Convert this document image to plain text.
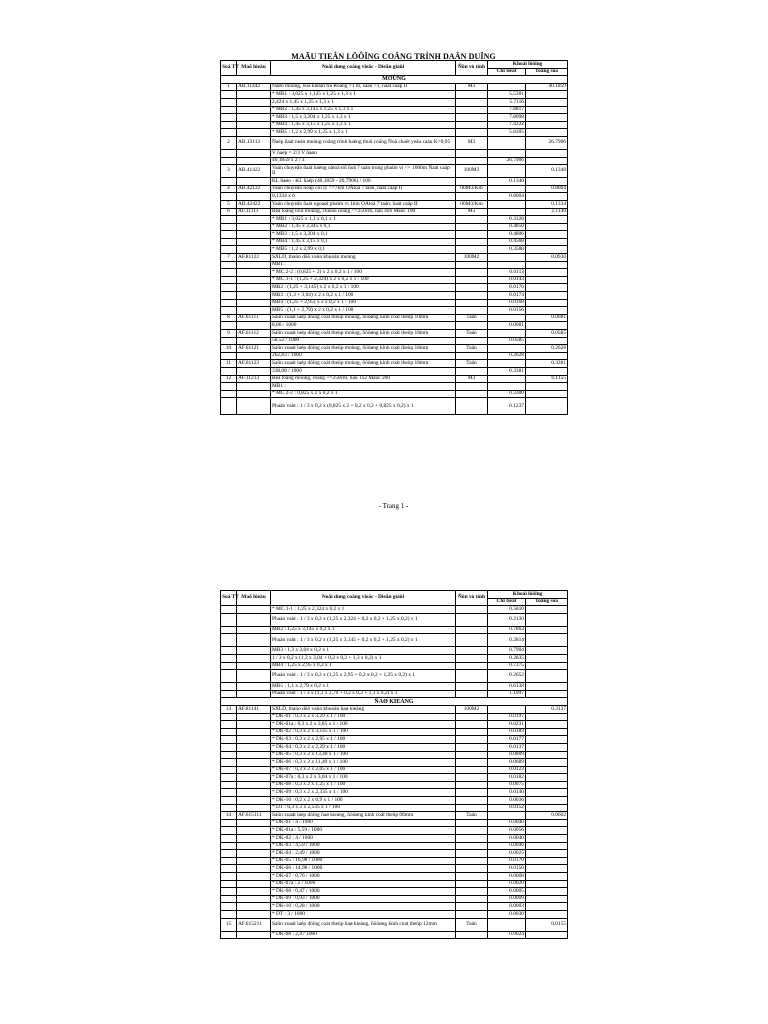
MAÃU TIEÂN LÖÔÏNG COÂNG TRÌNH DAÂN DUÏNG
Soá TT	Maõ hieäu	Noäi dung coâng vieäc - Dieãn giaûi	Ñôn vò tính	Khoái löôïng	
				Chi tieát	Toång soá
MOÙNG					
1	AB.11442	Naøo moùng, hoá kieåm tra Roäng >1 m, saâu >1, ñaát caáp II	M3		40.1859
		* MB1 : 3,025 x 1,125 x 1,25 x 1,3 x 1		5.5301	
		2,424 x 1,45 x 1,25 x 1,3 x 1		5.7116	
		* MB2 : 1,45 x 3,145 x 1,25 x 1,3 x 1		7.8817	
		* MB3 : 1,5 x 3,204 x 1,25 x 1,3 x 1		7.8098	
		* MB4 : 1,45 x 3,15 x 1,25 x 1,3 x 1		7.4222	
		* MB5 : 1,2 x 2,99 x 1,25 x 1,3 x 1		5.8305	
2	AB.13113	Ñaép ñaát neàn moùng coâng trình baèng thuû coâng Ñoä chaët yeâu caàu K=0,95	M3		26.7906
		V ñaép = 2/3 V ñaøo			
		40,1859 x 2 / 3		26.7906	
3	AB.41422	Vaän chuyeån ñaát baèng oâtoâ töï ñoå 7 taán trong phaïm vi <= 1000m Ñaát caáp II	100M3		0.1340
		KL ñaøo - KL ñaép (40,1859 - 26,7906) / 100		0.1340	
4	AB.42122	Vaän chuyeån tieáp cöï ly <=7km OÂtoâ 7 taán, ñaát caáp II	00M3/Km		0.8004
		0,1334 x 6		0.8004	
5	AB.42422	Vaän chuyeån ñaát ngoaøi phaïm vi 1km OÂtoâ 7 taán, ñaát caáp II	00M3/Km		0.1334
6	AF.11111	Beâ toâng loùt moùng, chieàu roäng <=250cm, ñaù 4x6 Maùc 100	M3		2.1140
		* MB1 : 3,025 x 1,1 x 0,1 x 1		0.3328	
		* MB2 : 1,45 x 3,345 x 0,1		0.4850	
		* MB3 : 1,5 x 3,204 x 0,1		0.4806	
		* MB4 : 1,45 x 3,15 x 0,1		0.4568	
		* MB5 : 1,2 x 2,99 x 0,1		0.3588	
7	AF.81122	SXLD, thaùo dôõ vaùn khuoân moùng	100M2		0.0930
		MB1 :			
		* MC 2-2 : (0,825 + 2) x 2 x 0,2 x 1 / 100		0.0113	
		* MC 1-1 : (1,25 + 2,324) x 2 x 0,2 x 1 / 100		0.0143	
		MB2 : (1,25 + 3,145) x 2 x 0,2 x 1 / 100		0.0176	
		MB3 : (1,3 + 3,04) x 2 x 0,2 x 1 / 100		0.0174	
		MB4 : (1,25 + 2,95) x 2 x 0,2 x 1 / 100		0.0168	
		MB5 : (1,1 + 2,79) x 2 x 0,2 x 1 / 100		0.0156	
8	AF.61111	Saûn xuaát laép döïng coát theùp moùng, ñöôøng kính coát theùp 10mm	Taán		0.0081
		8,06 / 1000		0.0081	
9	AF.61112	Saûn xuaát laép döïng coát theùp moùng, ñöôøng kính coát theùp 18mm	Taán		0.0585
		58,52 / 1000		0.0585	
10	AF.61121	Saûn xuaát laép döïng coát theùp moùng, ñöôøng kính coát theùp 18mm	Taán		0.2628
		262,83 / 1000		0.2628	
11	AF.61123	Saûn xuaát laép döïng coát theùp moùng, ñöôøng kính coát theùp 18mm	Taán		0.3381
		338,08 / 1000		0.3381	
12	AF.11213	Beâ toâng moùng, roäng <=250cm, ñaù 1x2 Maùc 200	M3		6.1155
		MB1 :			
		* MC 2-2 : 0,825 x 2 x 0,2 x 1		0.3300	
		Phaàn vaùt : 1 / 3 x 0,2 x (0,825 x 2 + 0,2 x 0,2 + 0,825 x 0,2) x 1		0.1237	
- Trang 1 -
Soá TT	Maõ hieäu	Noäi dung coâng vieäc - Dieãn giaûi	Ñôn vò tính	Khoái löôïng	
				Chi tieát	Toång soá
		* MC 1-1 : 1,25 x 2,324 x 0,2 x 1		0.5810	
		Phaàn vaùt : 1 / 3 x 0,2 x (1,25 x 2,324 + 0,2 x 0,2 + 1,25 x 0,2) x 1		0.2130	
		MB2 : 1,25 x 3,145 x 0,2 x 1		0.7863	
		Phaàn vaùt : 1 / 3 x 0,2 x (1,25 x 3,145 + 0,2 x 0,2 + 1,25 x 0,2) x 1		0.2814	
		MB3 : 1,3 x 3,04 x 0,2 x 1		0.7904	
		1 / 3 x 0,2 x (1,3 x 3,04 + 0,2 x 0,2 + 1,3 x 0,2) x 1		0.2835	
		MB4 : 1,25 x 2,95 x 0,2 x 1		0.7375	
		Phaàn vaùt : 1 / 3 x 0,2 x (1,25 x 2,95 + 0,2 x 0,2 + 1,25 x 0,2) x 1		0.2652	
		MB5 : 1,1 x 2,79 x 0,2 x 1		0.6138	
		Phaàn vaùt : 1 / 3 x (1,1 x 2,79 + 0,2 x 0,2 + 1,1 x 0,2) x 1		1.1097	
ÑAØ KIEÀNG					
13	AF.81141	SXLD, thaùo dôõ vaùn khuoân ñaø kieàng	100M2		0.3137
		* DK-01 : 0,3 x 2 x 3,29 x 1 / 100		0.0197	
		* DK-01a : 0,3 x 2 x 3,85 x 1 / 100		0.0231	
		* DK-02 : 0,3 x 2 x 3,145 x 1 / 100		0.0189	
		* DK-03 : 0,3 x 2 x 2,95 x 1 / 100		0.0177	
		* DK-04 : 0,3 x 2 x 2,29 x 1 / 100		0.0137	
		* DK-05 : 0,3 x 2 x 13,48 x 1 / 100		0.0809	
		* DK-06 : 0,3 x 2 x 11,49 x 1 / 100		0.0689	
		* DK-07 : 0,3 x 2 x 2,05 x 1 / 100		0.0123	
		* DK-07a : 0,3 x 2 x 3,04 x 1 / 100		0.0182	
		* DK-08 : 0,3 x 2 x 1,25 x 1 / 100		0.0075	
		* DK-09 : 0,3 x 2 x 2,335 x 1 / 100		0.0140	
		* DK-10 : 0,2 x 2 x 0,9 x 1 / 100		0.0036	
		* DT : 0,3 x 2 x 2,535 x 1 / 100		0.0152	
14	AF.615111	Saûn xuaát laép döïng ñaø kieàng, ñöôøng kính coát theùp 06mm	Taán		0.0602
		* DK-01 : 4 / 1000		0.0040	
		* DK-01a : 5,59 / 1000		0.0056	
		* DK-02 : 4 / 1000		0.0040	
		* DK-03 : 4,59 / 1000		0.0046	
		* DK-04 : 2,49 / 1000		0.0025	
		* DK-05 : 16,98 / 1000		0.0170	
		* DK-06 : 14,98 / 1000		0.0150	
		* DK-07 : 0,76 / 1000		0.0008	
		* DK-07a : 2 / 1000		0.0020	
		* DK-08 : 0,47 / 1000		0.0005	
		* DK-09 : 0,93 / 1000		0.0009	
		* DK-10 : 0,28 / 1000		0.0003	
		* DT : 3 / 1000		0.0030	
15	AF.615211	Saûn xuaát laép döïng coát theùp ñaø kieàng, ñöôøng kính coát theùp 12mm	Taán		0.0155
		* DK-08 : 2,4 / 1000		0.0024	
